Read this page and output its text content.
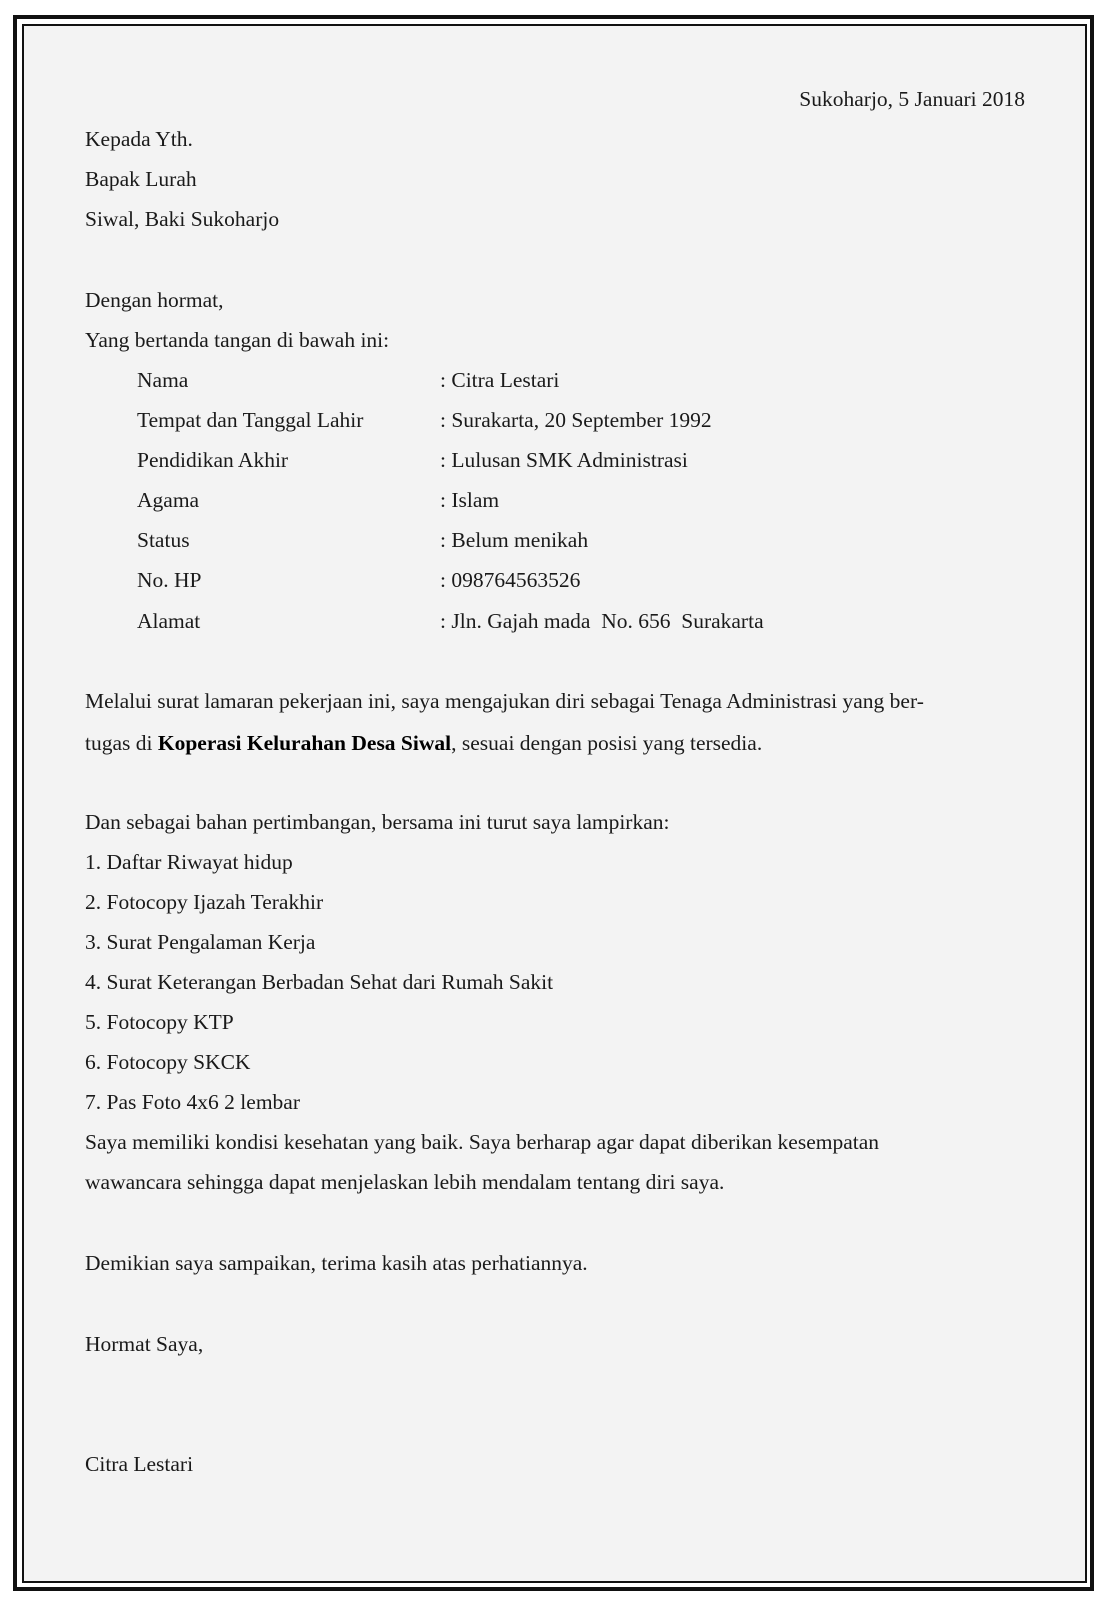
Sukoharjo, 5 Januari 2018
Kepada Yth.
Bapak Lurah
Siwal, Baki Sukoharjo
Dengan hormat,
Yang bertanda tangan di bawah ini:
Nama	: Citra Lestari
Tempat dan Tanggal Lahir	: Surakarta, 20 September 1992
Pendidikan Akhir	: Lulusan SMK Administrasi
Agama	: Islam
Status	: Belum menikah
No. HP	: 098764563526
Alamat	: Jln. Gajah mada  No. 656  Surakarta
Melalui surat lamaran pekerjaan ini, saya mengajukan diri sebagai Tenaga Administrasi yang ber-
tugas di Koperasi Kelurahan Desa Siwal, sesuai dengan posisi yang tersedia.
Dan sebagai bahan pertimbangan, bersama ini turut saya lampirkan:
1. Daftar Riwayat hidup
2. Fotocopy Ijazah Terakhir
3. Surat Pengalaman Kerja
4. Surat Keterangan Berbadan Sehat dari Rumah Sakit
5. Fotocopy KTP
6. Fotocopy SKCK
7. Pas Foto 4x6 2 lembar
Saya memiliki kondisi kesehatan yang baik. Saya berharap agar dapat diberikan kesempatan
wawancara sehingga dapat menjelaskan lebih mendalam tentang diri saya.
Demikian saya sampaikan, terima kasih atas perhatiannya.
Hormat Saya,
Citra Lestari
